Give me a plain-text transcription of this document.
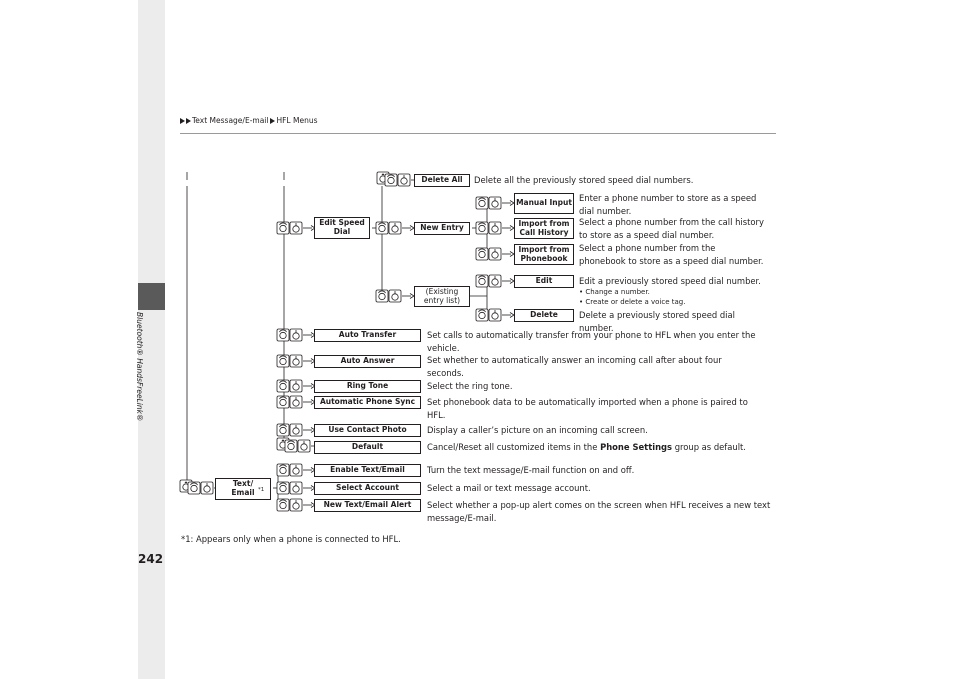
Bluetooth® HandsFreeLink®
Text Message/E-mail HFL Menus
Delete All
Manual Input
Edit Speed Dial	New Entry	Import from Call History
Import from Phonebook
(Existing entry list)
Edit
Delete
Auto Transfer
Auto Answer
Ring Tone
Automatic Phone Sync
Use Contact Photo
Default
Text/ Email *1
Enable Text/Email
Select Account
New Text/Email Alert
Delete all the previously stored speed dial numbers.
Enter a phone number to store as a speed dial number.
Select a phone number from the call history to store as a speed dial number.
Select a phone number from the phonebook to store as a speed dial number.
Edit a previously stored speed dial number.
• Change a number.
• Create or delete a voice tag.
Delete a previously stored speed dial number.
Set calls to automatically transfer from your phone to HFL when you enter the vehicle.
Set whether to automatically answer an incoming call after about four seconds.
Select the ring tone.
Set phonebook data to be automatically imported when a phone is paired to HFL.
Display a caller’s picture on an incoming call screen.
Cancel/Reset all customized items in the Phone Settings group as default.
Turn the text message/E-mail function on and off.
Select a mail or text message account.
Select whether a pop-up alert comes on the screen when HFL receives a new text message/E-mail.
*1: Appears only when a phone is connected to HFL.
242
